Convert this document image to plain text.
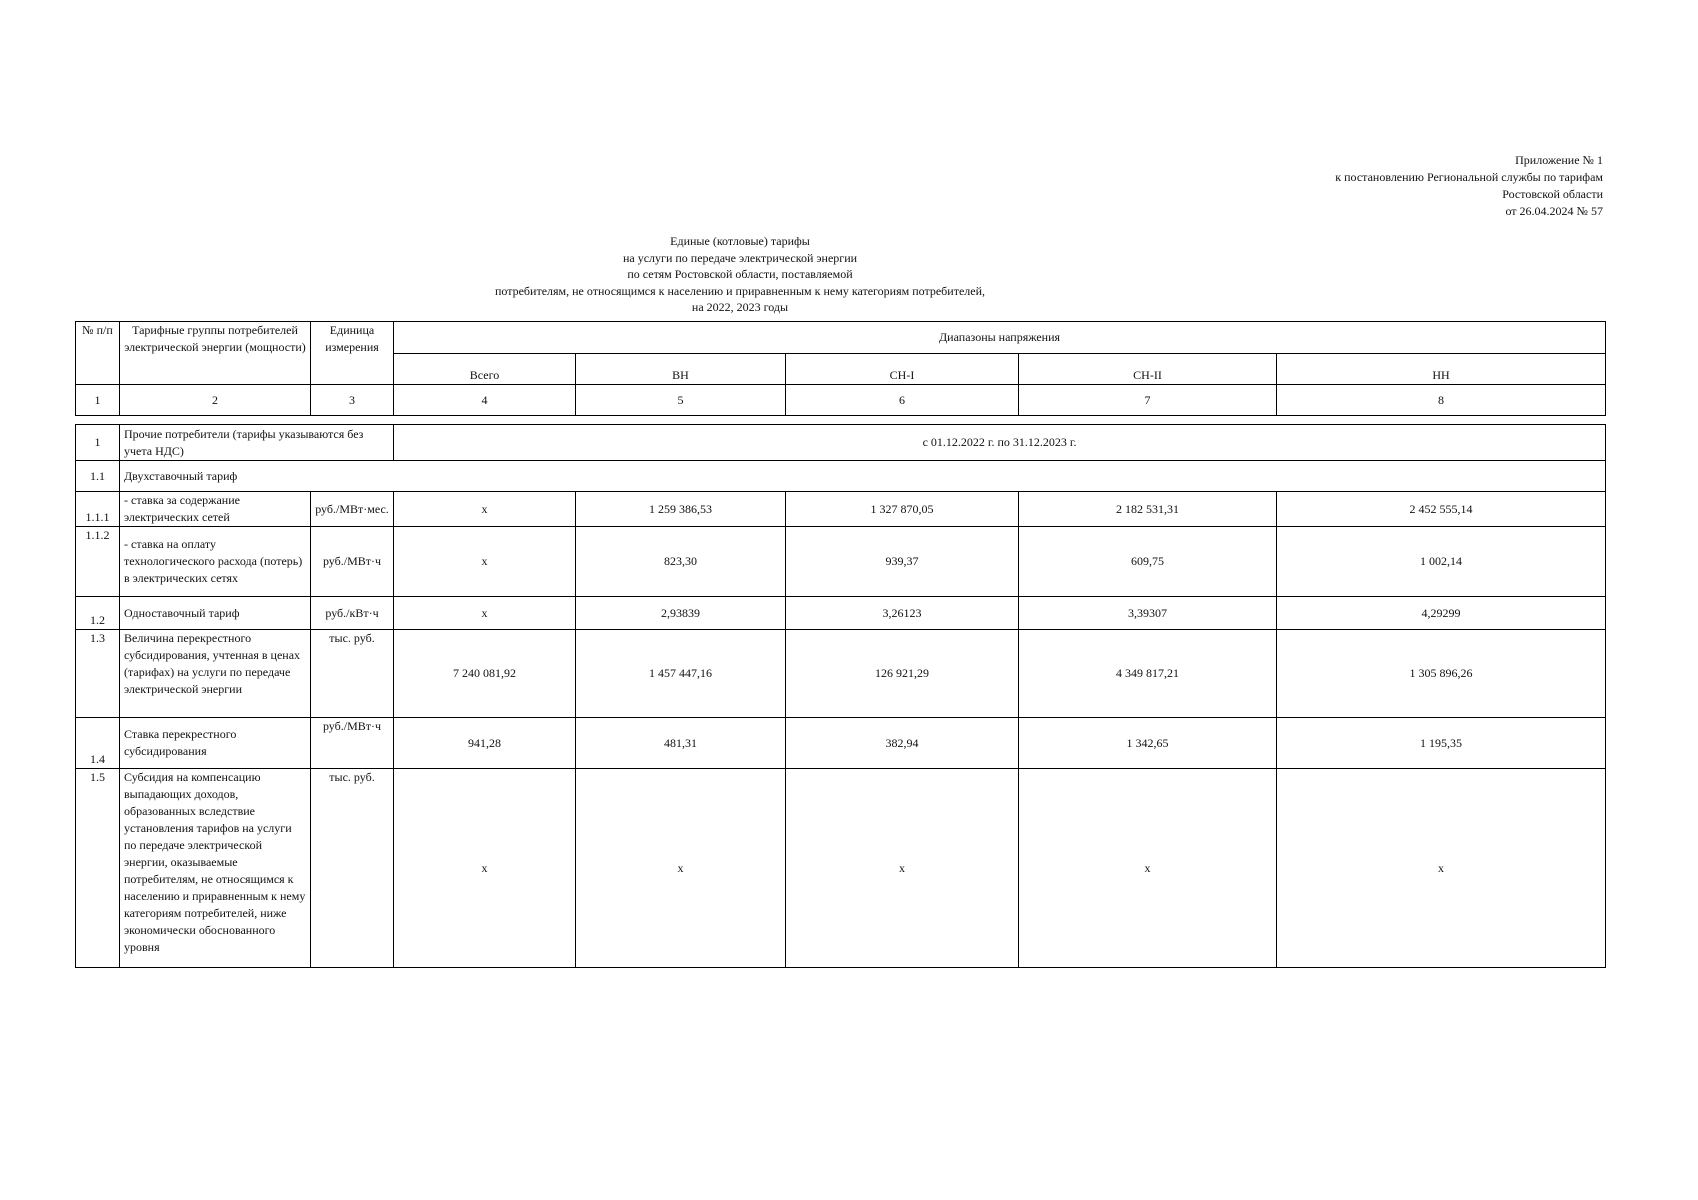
Приложение № 1
к постановлению Региональной службы по тарифам
Ростовской области
от 26.04.2024 № 57
Единые (котловые) тарифы
на услуги по передаче электрической энергии
по сетям Ростовской области, поставляемой
потребителям, не относящимся к населению и приравненным к нему категориям потребителей,
на 2022, 2023 годы
№ п/п	Тарифные группы потребителей электрической энергии (мощности)	Единица измерения	Диапазоны напряжения				
			Всего	ВН	СН-I	СН-II	НН
1	2	3	4	5	6	7	8

1	Прочие потребители (тарифы указываются без учета НДС)		с 01.12.2022 г. по 31.12.2023 г.				
1.1	Двухставочный тариф						
1.1.1	- ставка за содержание электрических сетей	руб./МВт·мес.	х	1 259 386,53	1 327 870,05	2 182 531,31	2 452 555,14
1.1.2	- ставка на оплату технологического расхода (потерь) в электрических сетях	руб./МВт·ч	х	823,30	939,37	609,75	1 002,14
1.2	Одноставочный тариф	руб./кВт·ч	х	2,93839	3,26123	3,39307	4,29299
1.3	Величина перекрестного субсидирования, учтенная в ценах (тарифах) на услуги по передаче электрической энергии	тыс. руб.	7 240 081,92	1 457 447,16	126 921,29	4 349 817,21	1 305 896,26
1.4	Ставка перекрестного субсидирования	руб./МВт·ч	941,28	481,31	382,94	1 342,65	1 195,35
1.5	Субсидия на компенсацию выпадающих доходов, образованных вследствие установления тарифов на услуги по передаче электрической энергии, оказываемые потребителям, не относящимся к населению и приравненным к нему категориям потребителей, ниже экономически обоснованного уровня	тыс. руб.	х	х	х	х	х
